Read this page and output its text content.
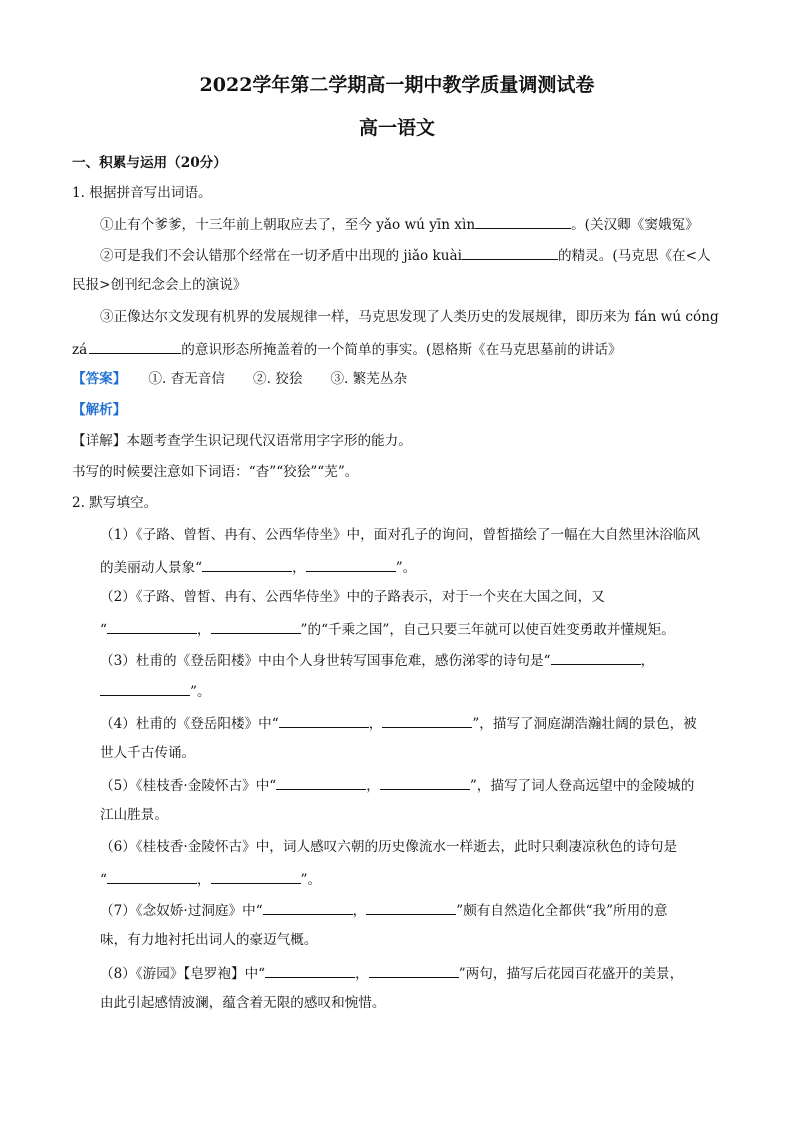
2022学年第二学期高一期中教学质量调测试卷
高一语文
一、积累与运用（20分）
1. 根据拼音写出词语。
①止有个爹爹，十三年前上朝取应去了，至今 yǎo wú yīn xìn	。(关汉卿《窦娥冤》
②可是我们不会认错那个经常在一切矛盾中出现的 jiǎo kuài	的精灵。(马克思《在<人
民报>创刊纪念会上的演说》
③正像达尔文发现有机界的发展规律一样，马克思发现了人类历史的发展规律，即历来为 fán wú cóng
zá	的意识形态所掩盖着的一个简单的事实。(恩格斯《在马克思墓前的讲话》
【答案】 ①. 杳无音信 ②. 狡狯 ③. 繁芜丛杂
【解析】
【详解】本题考查学生识记现代汉语常用字字形的能力。
书写的时候要注意如下词语：“杳”“狡狯”“芜”。
2. 默写填空。
（1）《子路、曾皙、冉有、公西华侍坐》中，面对孔子的询问，曾皙描绘了一幅在大自然里沐浴临风
的美丽动人景象“	，	”。
（2）《子路、曾皙、冉有、公西华侍坐》中的子路表示，对于一个夹在大国之间，又
“	，	”的“千乘之国”，自己只要三年就可以使百姓变勇敢并懂规矩。
（3）杜甫的《登岳阳楼》中由个人身世转写国事危难，感伤涕零的诗句是“	，
”。
（4）杜甫的《登岳阳楼》中“	，	”，描写了洞庭湖浩瀚壮阔的景色，被
世人千古传诵。
（5）《桂枝香·金陵怀古》中“	，	”，描写了词人登高远望中的金陵城的
江山胜景。
（6）《桂枝香·金陵怀古》中，词人感叹六朝的历史像流水一样逝去，此时只剩凄凉秋色的诗句是
“	，	”。
（7）《念奴娇·过洞庭》中“	，	”颇有自然造化全都供“我”所用的意
味，有力地衬托出词人的豪迈气概。
（8）《游园》【皂罗袍】中“	，	”两句，描写后花园百花盛开的美景，
由此引起感情波澜，蕴含着无限的感叹和惋惜。
